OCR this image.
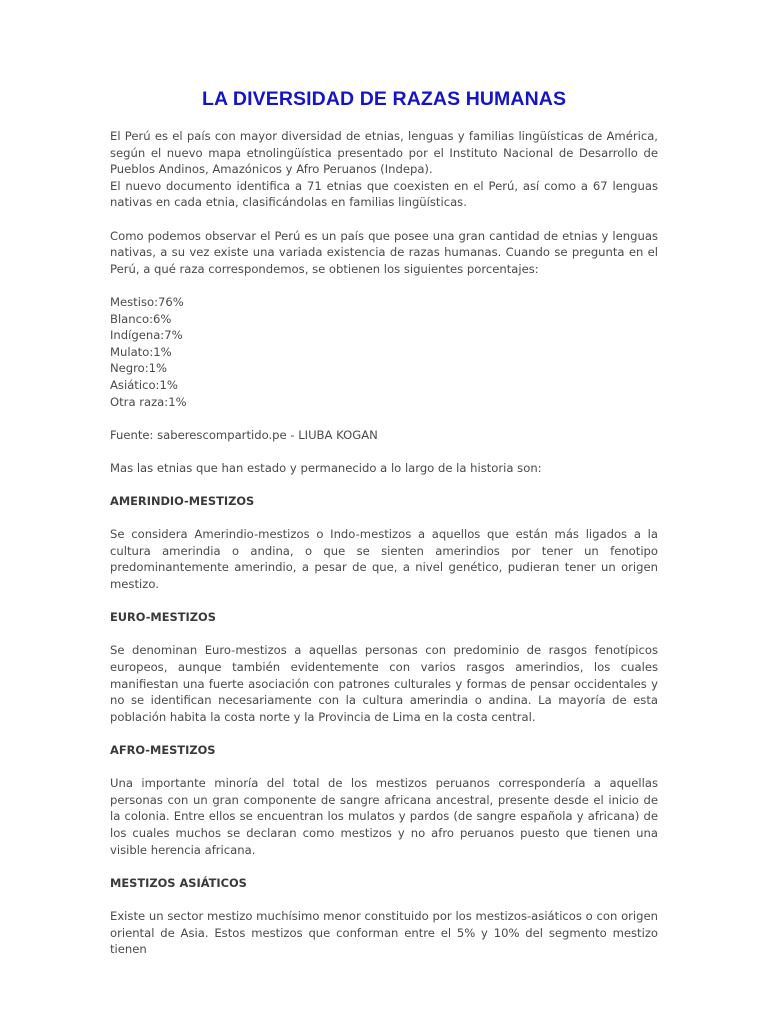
LA DIVERSIDAD DE RAZAS HUMANAS

El Perú es el país con mayor diversidad de etnias, lenguas y familias lingüísticas de América, según el nuevo mapa etnolingüística presentado por el Instituto Nacional de Desarrollo de Pueblos Andinos, Amazónicos y Afro Peruanos (Indepa).

El nuevo documento identifica a 71 etnias que coexisten en el Perú, así como a 67 lenguas nativas en cada etnia, clasificándolas en familias lingüísticas.

Como podemos observar el Perú es un país que posee una gran cantidad de etnias y lenguas nativas, a su vez existe una variada existencia de razas humanas. Cuando se pregunta en el Perú, a qué raza correspondemos, se obtienen los siguientes porcentajes:

Mestiso:76%
Blanco:6%
Indígena:7%
Mulato:1%
Negro:1%
Asiático:1%
Otra raza:1%

Fuente: saberescompartido.pe - LIUBA KOGAN

Mas las etnias que han estado y permanecido a lo largo de la historia son:

AMERINDIO-MESTIZOS

Se considera Amerindio-mestizos o Indo-mestizos a aquellos que están más ligados a la cultura amerindia o andina, o que se sienten amerindios por tener un fenotipo predominantemente amerindio, a pesar de que, a nivel genético, pudieran tener un origen mestizo.

EURO-MESTIZOS

Se denominan Euro-mestizos a aquellas personas con predominio de rasgos fenotípicos europeos, aunque también evidentemente con varios rasgos amerindios, los cuales manifiestan una fuerte asociación con patrones culturales y formas de pensar occidentales y no se identifican necesariamente con la cultura amerindia o andina. La mayoría de esta población habita la costa norte y la Provincia de Lima en la costa central.

AFRO-MESTIZOS

Una importante minoría del total de los mestizos peruanos correspondería a aquellas personas con un gran componente de sangre africana ancestral, presente desde el inicio de la colonia. Entre ellos se encuentran los mulatos y pardos (de sangre española y africana) de los cuales muchos se declaran como mestizos y no afro peruanos puesto que tienen una visible herencia africana.

MESTIZOS ASIÁTICOS

Existe un sector mestizo muchísimo menor constituido por los mestizos-asiáticos o con origen oriental de Asia. Estos mestizos que conforman entre el 5% y 10% del segmento mestizo tienen
